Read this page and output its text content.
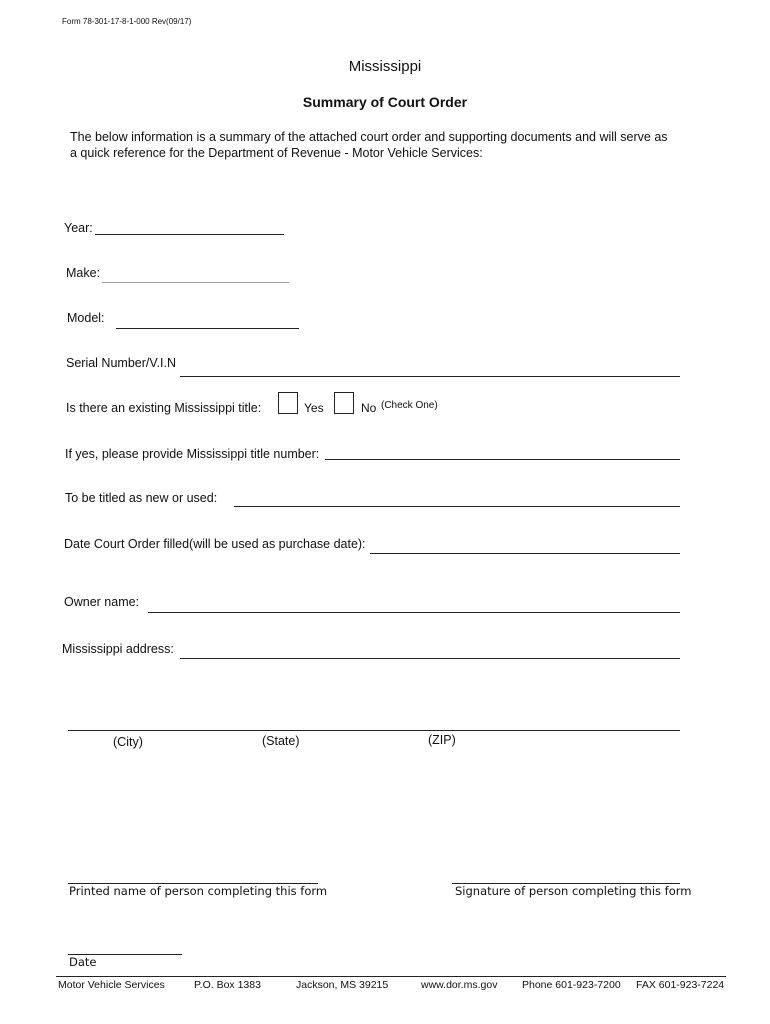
Form 78-301-17-8-1-000 Rev(09/17)
Mississippi
Summary of Court Order
The below information is a summary of the attached court order and supporting documents and will serve as
a quick reference for the Department of Revenue - Motor Vehicle Services:
Year:
Make:
Model:
Serial Number/V.I.N
Is there an existing Mississippi title:	Yes	No (Check One)
If yes, please provide Mississippi title number:
To be titled as new or used:
Date Court Order filled(will be used as purchase date):
Owner name:
Mississippi address:
(City)	(State)	(ZIP)
Printed name of person completing this form	Signature of person completing this form
Date
Motor Vehicle Services	P.O. Box 1383	Jackson, MS 39215	www.dor.ms.gov Phone 601-923-7200 FAX 601-923-7224
